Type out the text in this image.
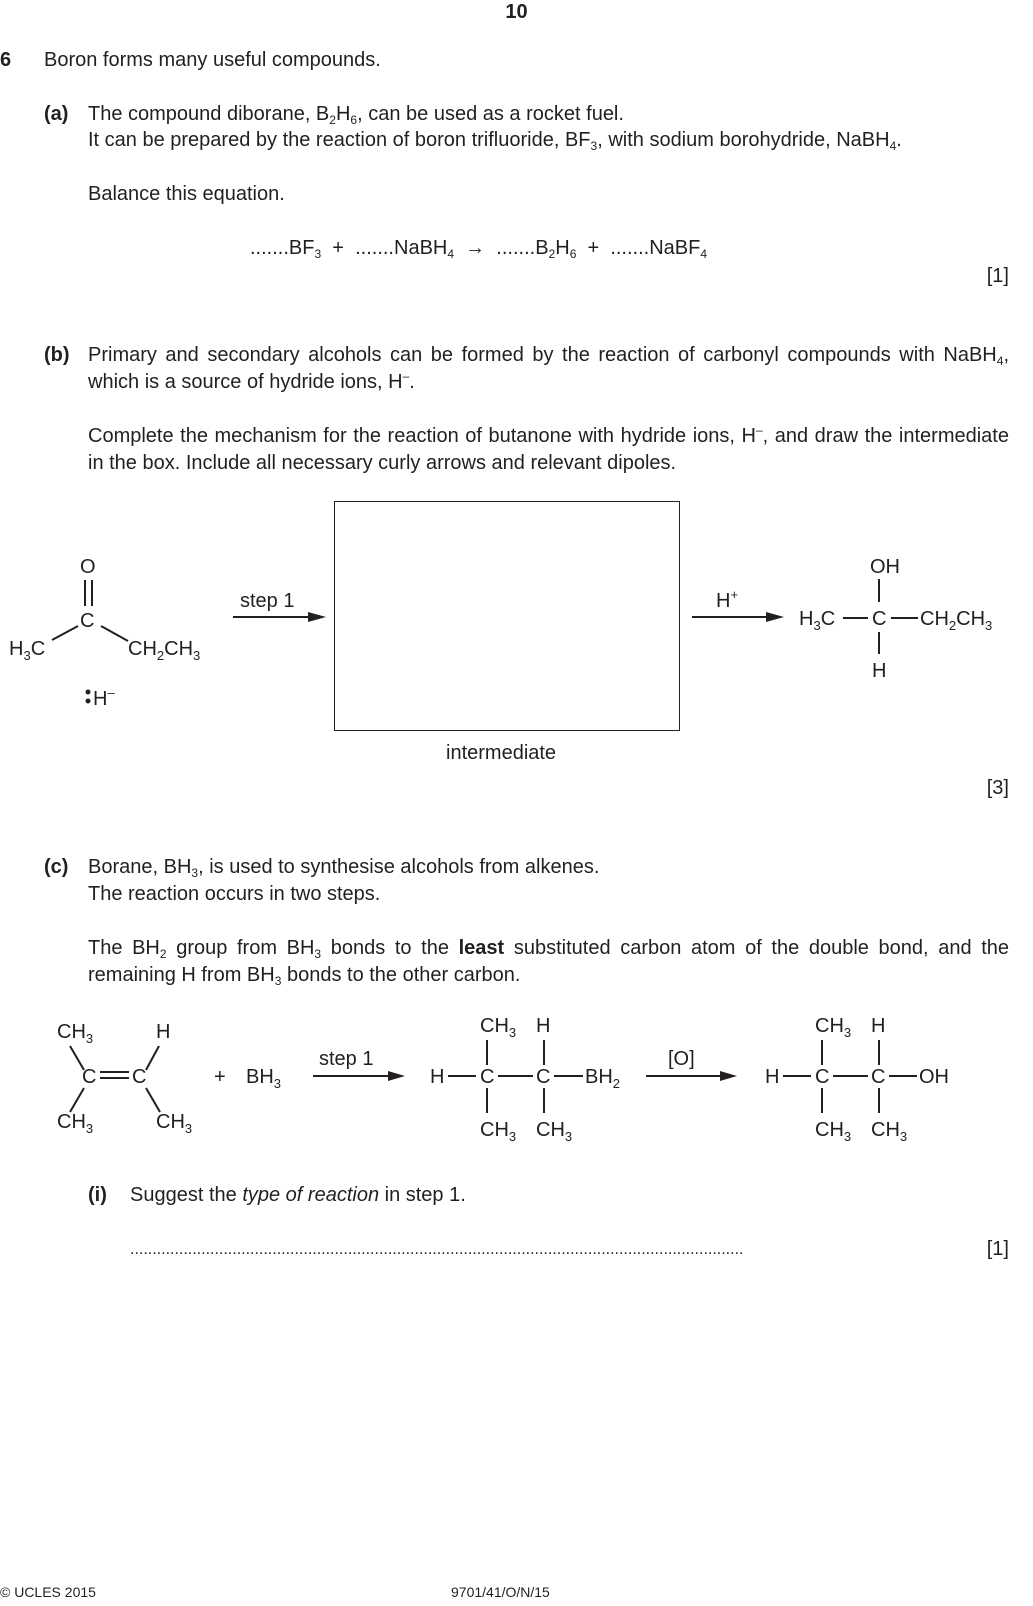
10
6 Boron forms many useful compounds.
(a) The compound diborane, $B_2H_6$, can be used as a rocket fuel.
It can be prepared by the reaction of boron trifluoride, $BF_3$, with sodium borohydride, NaBH$_4$.
Balance this equation.
$.......BF_3$ + .......NaBH$_4$ → $.......B_2H_6$ + .......NaBF$_4$
[1]
(b) Primary and secondary alcohols can be formed by the reaction of carbonyl compounds with NaBH$_4$, which is a source of hydride ions, H–.
Complete the mechanism for the reaction of butanone with hydride ions, H–, and draw the intermediate in the box. Include all necessary curly arrows and relevant dipoles.
O
C
$H_3C$	$CH_2CH_3$
H–
step 1	H+
OH
$H_3C$ C $CH_2CH_3$
H
intermediate
[3]
(c) Borane, $BH_3$, is used to synthesise alcohols from alkenes.
The reaction occurs in two steps.
The $BH_2$ group from $BH_3$ bonds to the least substituted carbon atom of the double bond, and the remaining H from $BH_3$ bonds to the other carbon.
$CH_3$	H
C C
$CH_3$	$CH_3$
+ $BH_3$
step 1
$CH_3$ H
H C C $BH_2$
$CH_3$ $CH_3$
[O]
$CH_3$ H
H C C OH
$CH_3$ $CH_3$
(i) Suggest the type of reaction in step 1.
..........................................................................................................................................	[1]
© UCLES 2015	9701/41/O/N/15
